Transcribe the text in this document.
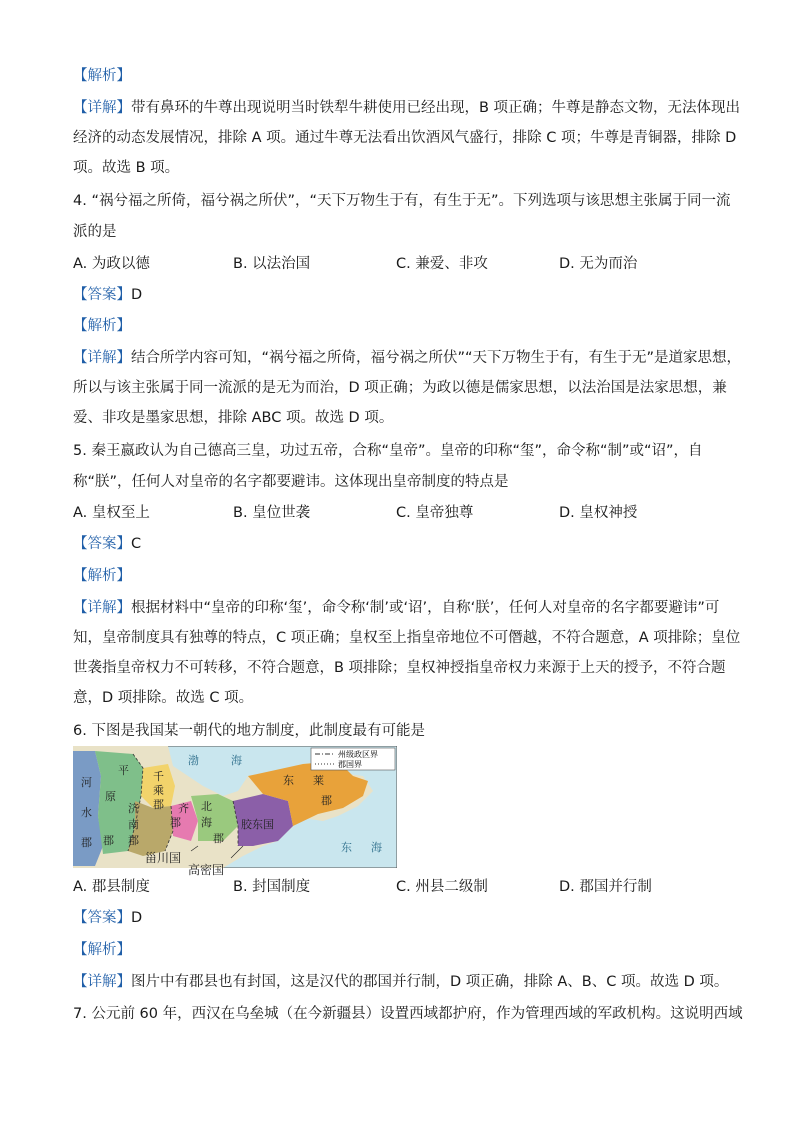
【解析】
【详解】带有鼻环的牛尊出现说明当时铁犁牛耕使用已经出现，B 项正确；牛尊是静态文物，无法体现出
经济的动态发展情况，排除 A 项。通过牛尊无法看出饮酒风气盛行，排除 C 项；牛尊是青铜器，排除 D
项。故选 B 项。
4. “祸兮福之所倚，福兮祸之所伏”，“天下万物生于有，有生于无”。下列选项与该思想主张属于同一流
派的是
A. 为政以德	B. 以法治国	C. 兼爱、非攻	D. 无为而治
【答案】D
【解析】
【详解】结合所学内容可知，“祸兮福之所倚，福兮祸之所伏”“天下万物生于有，有生于无”是道家思想，
所以与该主张属于同一流派的是无为而治，D 项正确；为政以德是儒家思想，以法治国是法家思想，兼
爱、非攻是墨家思想，排除 ABC 项。故选 D 项。
5. 秦王嬴政认为自己德高三皇，功过五帝，合称“皇帝”。皇帝的印称“玺”，命令称“制”或“诏”，自
称“朕”，任何人对皇帝的名字都要避讳。这体现出皇帝制度的特点是
A. 皇权至上	B. 皇位世袭	C. 皇帝独尊	D. 皇权神授
【答案】C
【解析】
【详解】根据材料中“皇帝的印称‘玺’，命令称‘制’或‘诏’，自称‘朕’，任何人对皇帝的名字都要避讳”可
知，皇帝制度具有独尊的特点，C 项正确；皇权至上指皇帝地位不可僭越，不符合题意，A 项排除；皇位
世袭指皇帝权力不可转移，不符合题意，B 项排除；皇权神授指皇帝权力来源于上天的授予，不符合题
意，D 项排除。故选 C 项。
6. 下图是我国某一朝代的地方制度，此制度最有可能是
州级政区界
郡国界
河
水
郡
平
原
郡
千
乘
郡
济
南
郡
齐
郡
北
海
郡
胶东国
东 莱
郡
渤	海
东 海
甾川国
高密国
A. 郡县制度	B. 封国制度	C. 州县二级制	D. 郡国并行制
【答案】D
【解析】
【详解】图片中有郡县也有封国，这是汉代的郡国并行制，D 项正确，排除 A、B、C 项。故选 D 项。
7. 公元前 60 年，西汉在乌垒城（在今新疆县）设置西域都护府，作为管理西域的军政机构。这说明西域
